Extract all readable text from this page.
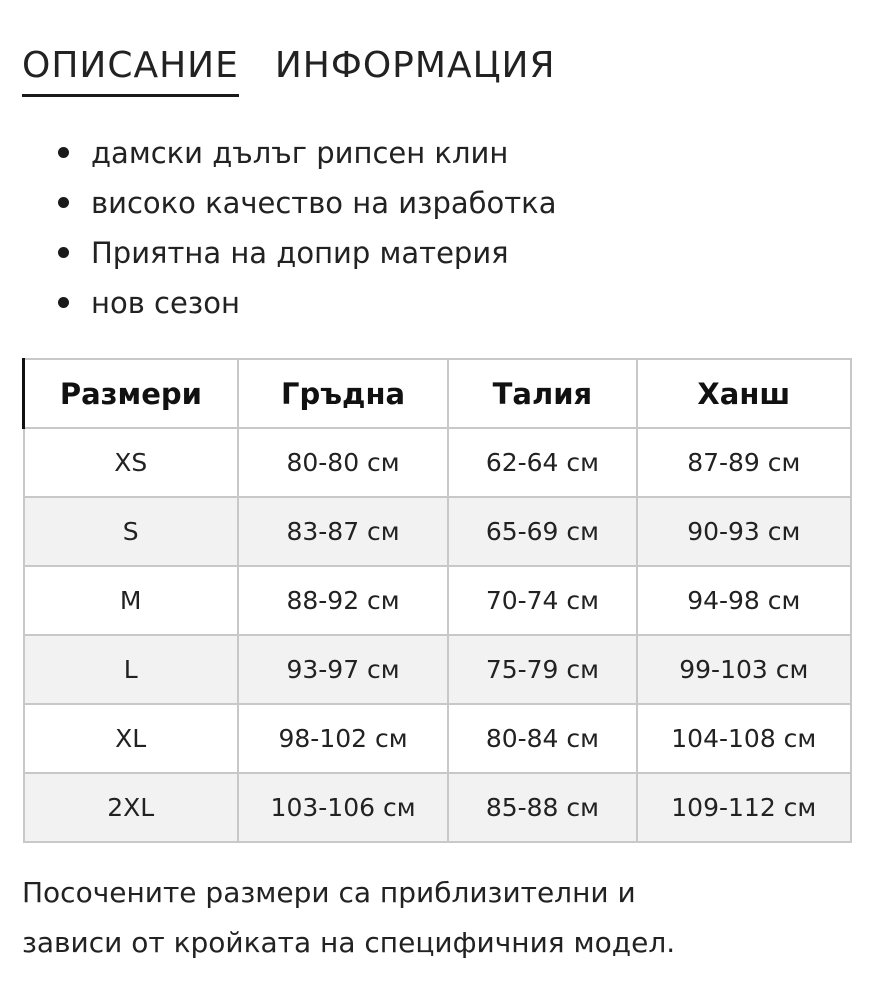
ОПИСАНИЕ ИНФОРМАЦИЯ
дамски дълъг рипсен клин
високо качество на изработка
Приятна на допир материя
нов сезон
Размери	Гръдна	Талия	Ханш
XS	80-80 см	62-64 см	87-89 см
S	83-87 см	65-69 см	90-93 см
M	88-92 см	70-74 см	94-98 см
L	93-97 см	75-79 см	99-103 см
XL	98-102 см	80-84 см	104-108 см
2XL	103-106 см	85-88 см	109-112 см

Посочените размери са приблизителни и
зависи от кройката на специфичния модел.
